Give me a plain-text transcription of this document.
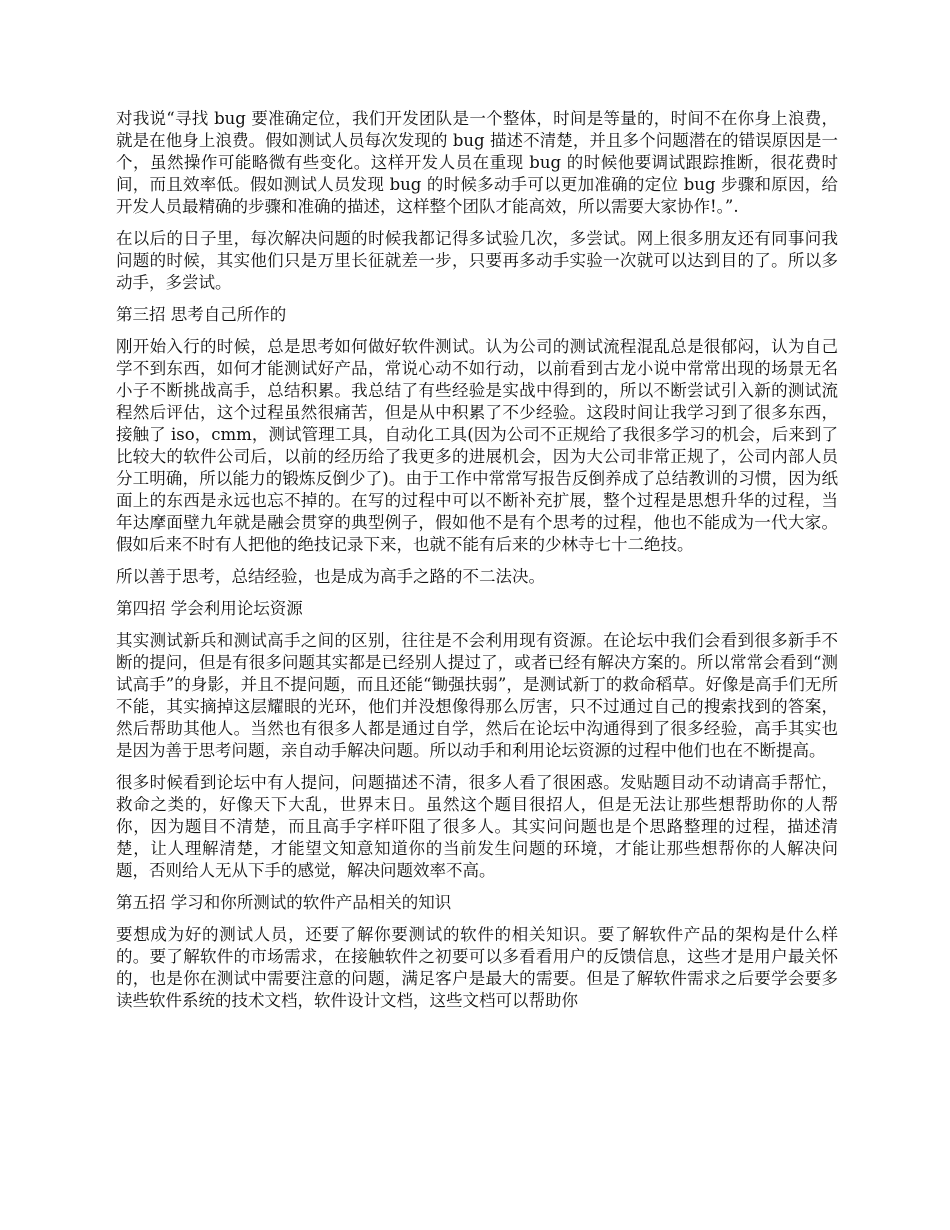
对我说“寻找 bug 要准确定位，我们开发团队是一个整体，时间是等量的，时间不在你身上浪费，就是在他身上浪费。假如测试人员每次发现的 bug 描述不清楚，并且多个问题潜在的错误原因是一个，虽然操作可能略微有些变化。这样开发人员在重现 bug 的时候他要调试跟踪推断，很花费时间，而且效率低。假如测试人员发现 bug 的时候多动手可以更加准确的定位 bug 步骤和原因，给开发人员最精确的步骤和准确的描述，这样整个团队才能高效，所以需要大家协作!。”.

在以后的日子里，每次解决问题的时候我都记得多试验几次，多尝试。网上很多朋友还有同事问我问题的时候，其实他们只是万里长征就差一步，只要再多动手实验一次就可以达到目的了。所以多动手，多尝试。

第三招 思考自己所作的

刚开始入行的时候，总是思考如何做好软件测试。认为公司的测试流程混乱总是很郁闷，认为自己学不到东西，如何才能测试好产品，常说心动不如行动，以前看到古龙小说中常常出现的场景无名小子不断挑战高手，总结积累。我总结了有些经验是实战中得到的，所以不断尝试引入新的测试流程然后评估，这个过程虽然很痛苦，但是从中积累了不少经验。这段时间让我学习到了很多东西，接触了 iso，cmm，测试管理工具，自动化工具(因为公司不正规给了我很多学习的机会，后来到了比较大的软件公司后，以前的经历给了我更多的进展机会，因为大公司非常正规了，公司内部人员分工明确，所以能力的锻炼反倒少了)。由于工作中常常写报告反倒养成了总结教训的习惯，因为纸面上的东西是永远也忘不掉的。在写的过程中可以不断补充扩展，整个过程是思想升华的过程，当年达摩面壁九年就是融会贯穿的典型例子，假如他不是有个思考的过程，他也不能成为一代大家。假如后来不时有人把他的绝技记录下来，也就不能有后来的少林寺七十二绝技。

所以善于思考，总结经验，也是成为高手之路的不二法决。

第四招 学会利用论坛资源

其实测试新兵和测试高手之间的区别，往往是不会利用现有资源。在论坛中我们会看到很多新手不断的提问，但是有很多问题其实都是已经别人提过了，或者已经有解决方案的。所以常常会看到“测试高手”的身影，并且不提问题，而且还能“锄强扶弱”，是测试新丁的救命稻草。好像是高手们无所不能，其实摘掉这层耀眼的光环，他们并没想像得那么厉害，只不过通过自己的搜索找到的答案，然后帮助其他人。当然也有很多人都是通过自学，然后在论坛中沟通得到了很多经验，高手其实也是因为善于思考问题，亲自动手解决问题。所以动手和利用论坛资源的过程中他们也在不断提高。

很多时候看到论坛中有人提问，问题描述不清，很多人看了很困惑。发贴题目动不动请高手帮忙，救命之类的，好像天下大乱，世界末日。虽然这个题目很招人，但是无法让那些想帮助你的人帮你，因为题目不清楚，而且高手字样吓阻了很多人。其实问问题也是个思路整理的过程，描述清楚，让人理解清楚，才能望文知意知道你的当前发生问题的环境，才能让那些想帮你的人解决问题，否则给人无从下手的感觉，解决问题效率不高。

第五招 学习和你所测试的软件产品相关的知识

要想成为好的测试人员，还要了解你要测试的软件的相关知识。要了解软件产品的架构是什么样的。要了解软件的市场需求，在接触软件之初要可以多看看用户的反馈信息，这些才是用户最关怀的，也是你在测试中需要注意的问题，满足客户是最大的需要。但是了解软件需求之后要学会要多读些软件系统的技术文档，软件设计文档，这些文档可以帮助你
